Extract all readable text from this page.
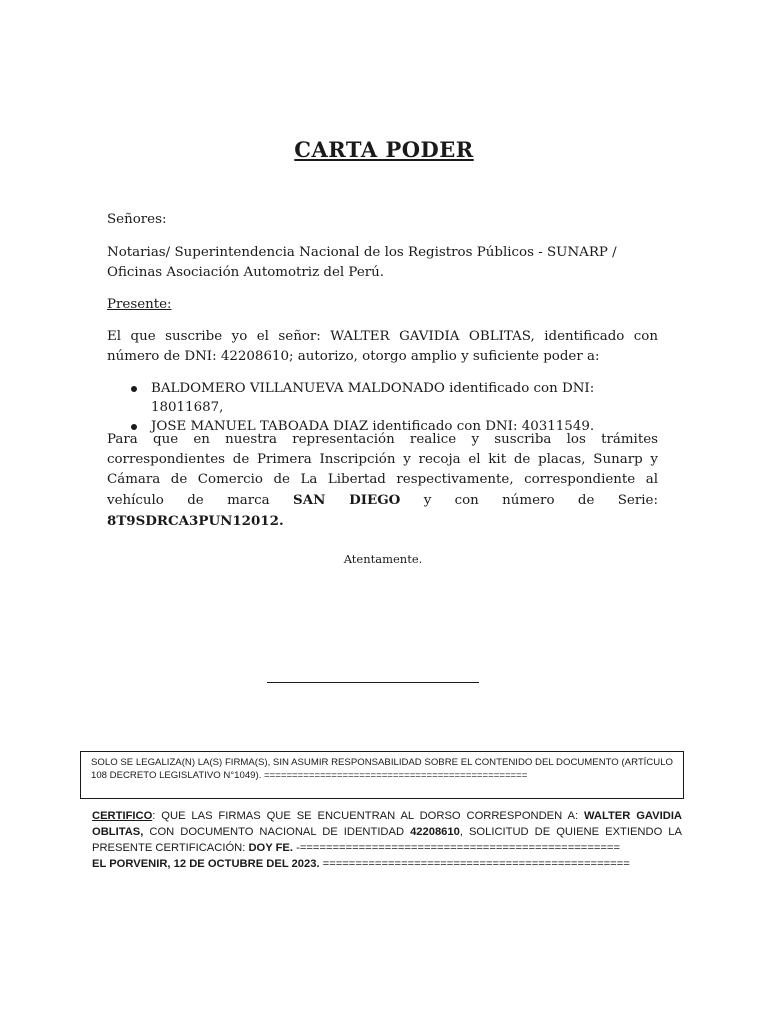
CARTA PODER

Señores:

Notarias/ Superintendencia Nacional de los Registros Públicos - SUNARP / Oficinas Asociación Automotriz del Perú.

Presente:

El que suscribe yo el señor: WALTER GAVIDIA OBLITAS, identificado con número de DNI: 42208610; autorizo, otorgo amplio y suficiente poder a:

BALDOMERO VILLANUEVA MALDONADO identificado con DNI: 18011687,
JOSE MANUEL TABOADA DIAZ identificado con DNI: 40311549.

Para que en nuestra representación realice y suscriba los trámites correspondientes de Primera Inscripción y recoja el kit de placas, Sunarp y Cámara de Comercio de La Libertad respectivamente, correspondiente al vehículo de marca SAN DIEGO y con número de Serie: 8T9SDRCA3PUN12012.

Atentamente.

SOLO SE LEGALIZA(N) LA(S) FIRMA(S), SIN ASUMIR RESPONSABILIDAD SOBRE EL CONTENIDO DEL DOCUMENTO (ARTÍCULO 108 DECRETO LEGISLATIVO N°1049). ===============================================

CERTIFICO: QUE LAS FIRMAS QUE SE ENCUENTRAN AL DORSO CORRESPONDEN A: WALTER GAVIDIA OBLITAS, CON DOCUMENTO NACIONAL DE IDENTIDAD 42208610, SOLICITUD DE QUIENE EXTIENDO LA PRESENTE CERTIFICACIÓN: DOY FE. -=================================================
EL PORVENIR, 12 DE OCTUBRE DEL 2023. ===============================================
